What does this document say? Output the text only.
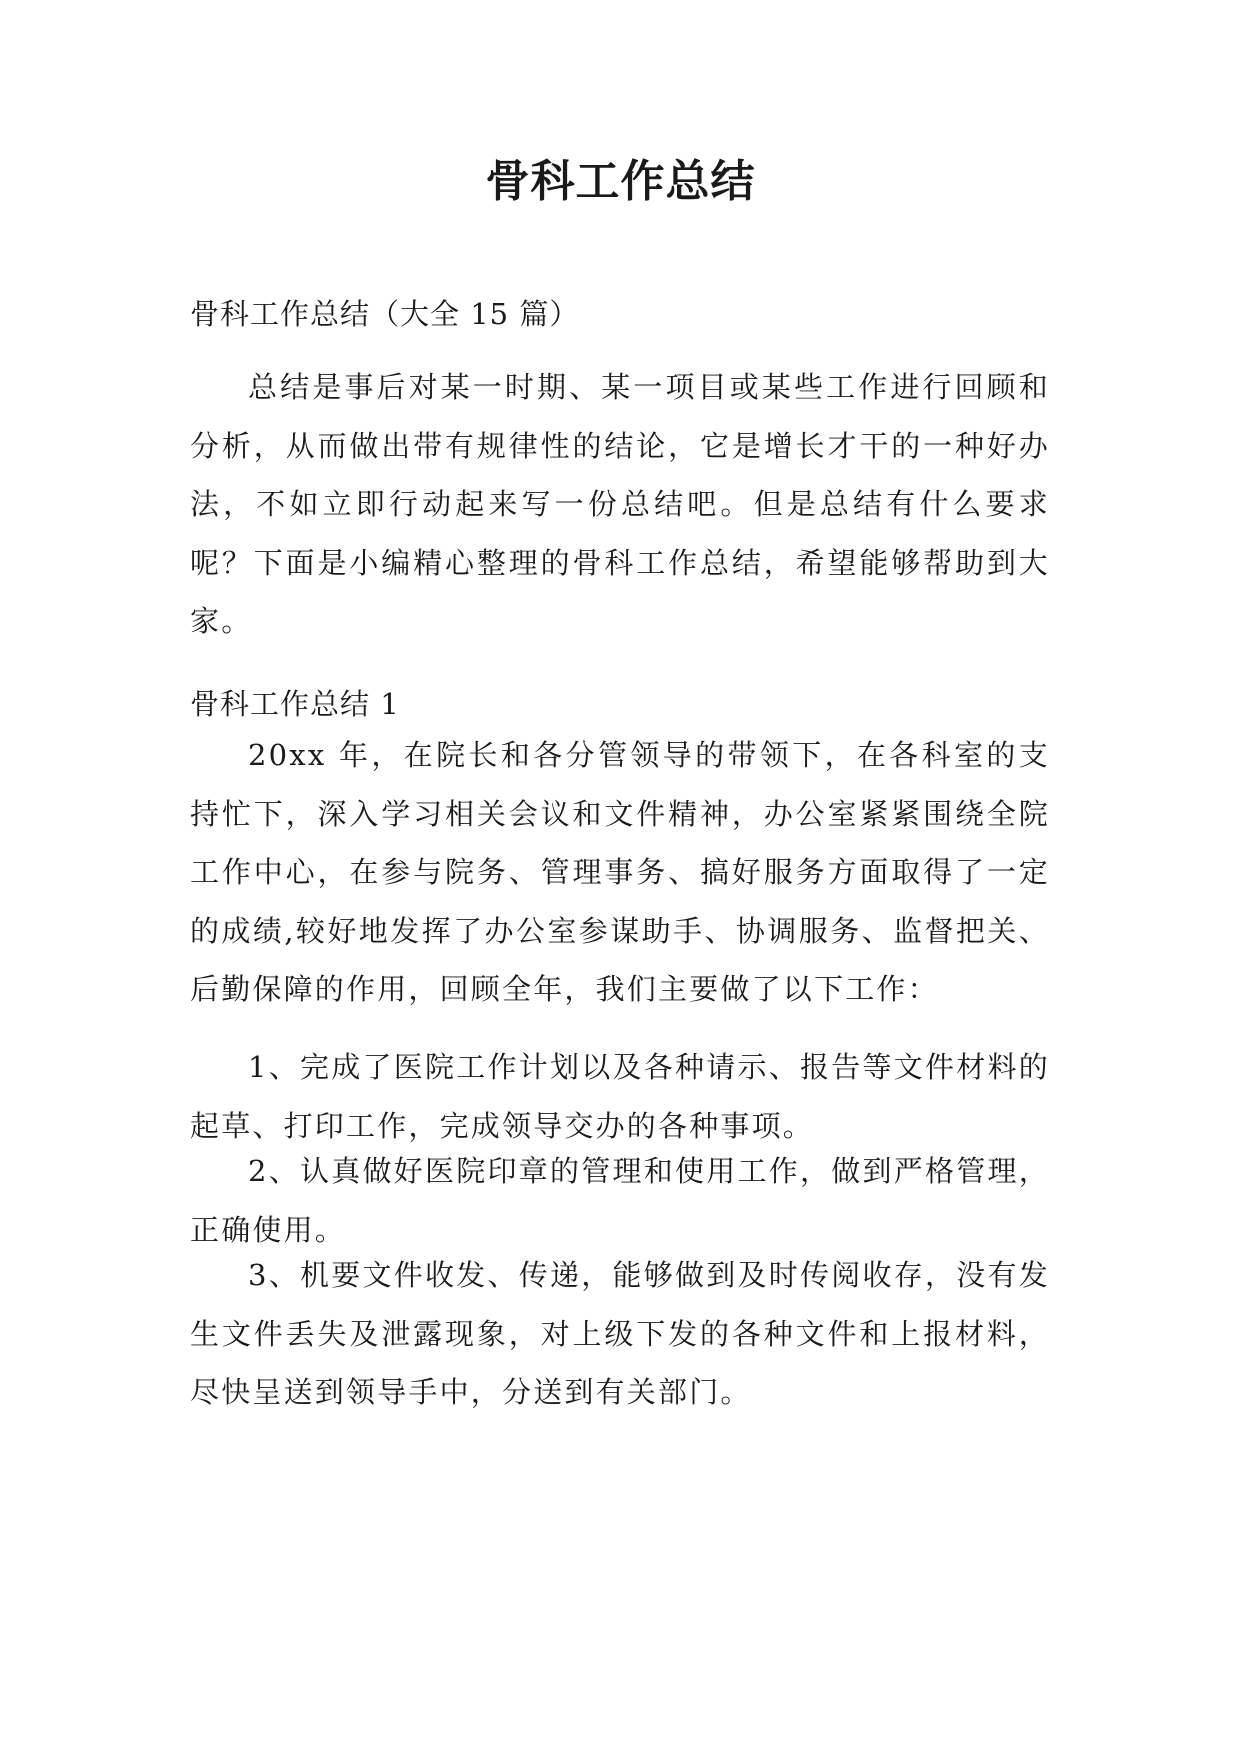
骨科工作总结

骨科工作总结（大全 15 篇）

总结是事后对某一时期、某一项目或某些工作进行回顾和分析，从而做出带有规律性的结论，它是增长才干的一种好办法，不如立即行动起来写一份总结吧。但是总结有什么要求呢？下面是小编精心整理的骨科工作总结，希望能够帮助到大家。

骨科工作总结 1

20xx 年，在院长和各分管领导的带领下，在各科室的支持忙下，深入学习相关会议和文件精神，办公室紧紧围绕全院工作中心，在参与院务、管理事务、搞好服务方面取得了一定的成绩,较好地发挥了办公室参谋助手、协调服务、监督把关、后勤保障的作用，回顾全年，我们主要做了以下工作：

1、完成了医院工作计划以及各种请示、报告等文件材料的起草、打印工作，完成领导交办的各种事项。

2、认真做好医院印章的管理和使用工作，做到严格管理，正确使用。

3、机要文件收发、传递，能够做到及时传阅收存，没有发生文件丢失及泄露现象，对上级下发的各种文件和上报材料，尽快呈送到领导手中，分送到有关部门。
